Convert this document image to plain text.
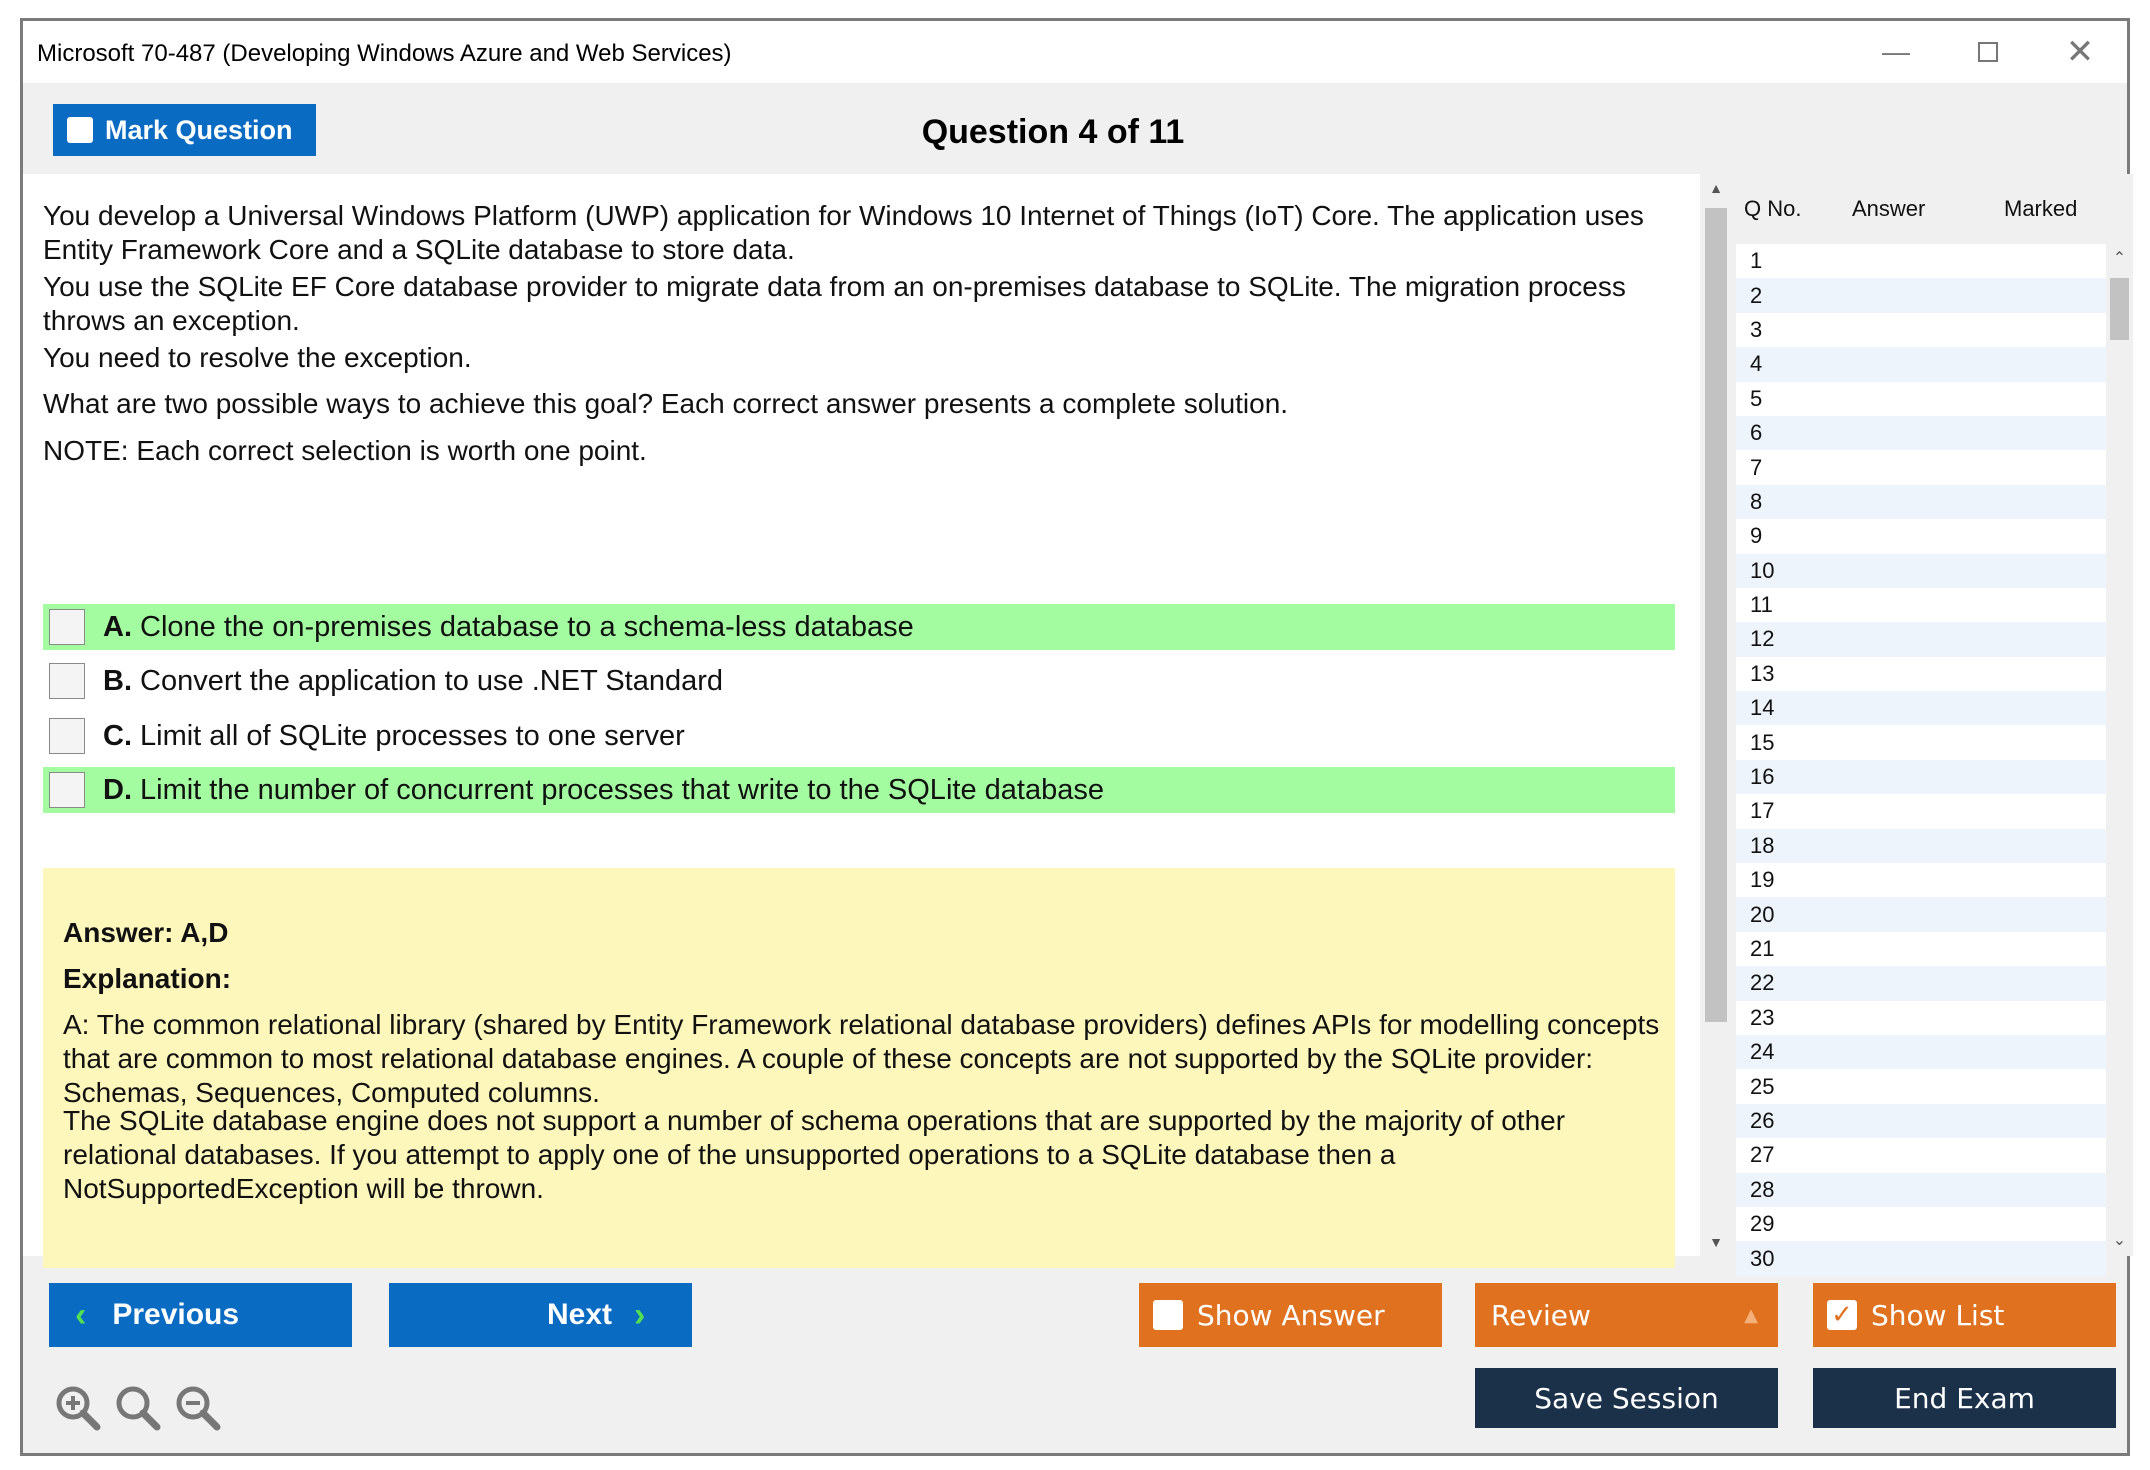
Microsoft 70-487 (Developing Windows Azure and Web Services)	—	✕
Mark Question	Question 4 of 11
You develop a Universal Windows Platform (UWP) application for Windows 10 Internet of Things (IoT) Core. The application uses Entity Framework Core and a SQLite database to store data.
You use the SQLite EF Core database provider to migrate data from an on-premises database to SQLite. The migration process throws an exception.
You need to resolve the exception.
What are two possible ways to achieve this goal? Each correct answer presents a complete solution.
NOTE: Each correct selection is worth one point.
A. Clone the on-premises database to a schema-less database
B. Convert the application to use .NET Standard
C. Limit all of SQLite processes to one server
D. Limit the number of concurrent processes that write to the SQLite database
Answer: A,D
Explanation:
A: The common relational library (shared by Entity Framework relational database providers) defines APIs for modelling concepts that are common to most relational database engines. A couple of these concepts are not supported by the SQLite provider: Schemas, Sequences, Computed columns.
The SQLite database engine does not support a number of schema operations that are supported by the majority of other relational databases. If you attempt to apply one of the unsupported operations to a SQLite database then a NotSupportedException will be thrown.
▲
▼
Q No. Answer	Marked
1
2
3
4
5
6
7
8
9
10
11
12
13
14
15
16
17
18
19
20
21
22
23
24
25
26
27
28
29
30
⌃
⌄
‹ Previous	Next ›	Show Answer	Review	▲	✓ Show List
Save Session	End Exam
